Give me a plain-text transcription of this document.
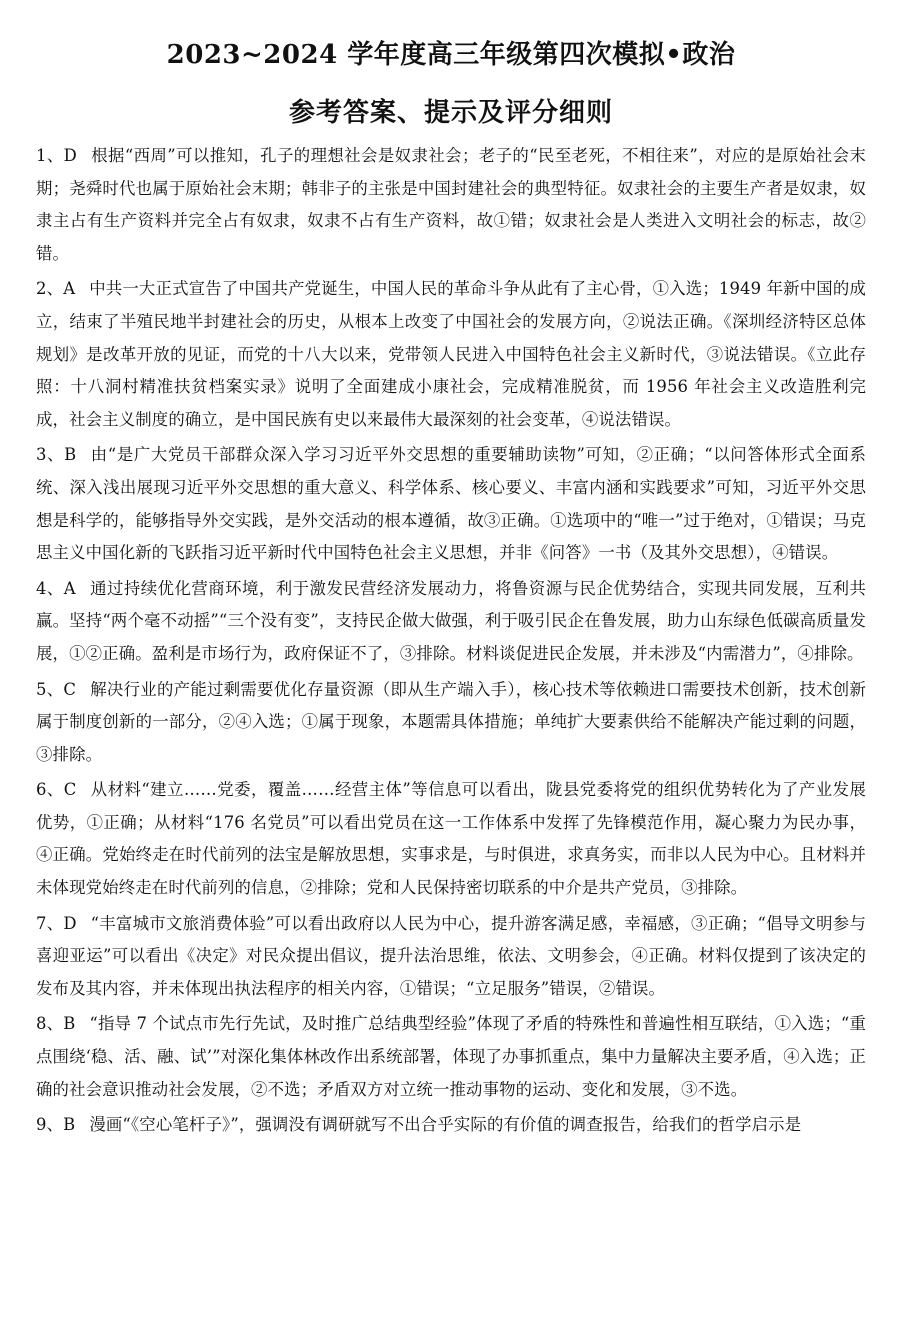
2023~2024 学年度高三年级第四次模拟•政治
参考答案、提示及评分细则

1、D 根据“西周”可以推知，孔子的理想社会是奴隶社会；老子的“民至老死，不相往来”，对应的是原始社会末期；尧舜时代也属于原始社会末期；韩非子的主张是中国封建社会的典型特征。奴隶社会的主要生产者是奴隶，奴隶主占有生产资料并完全占有奴隶，奴隶不占有生产资料，故①错；奴隶社会是人类进入文明社会的标志，故②错。

2、A 中共一大正式宣告了中国共产党诞生，中国人民的革命斗争从此有了主心骨，①入选；1949 年新中国的成立，结束了半殖民地半封建社会的历史，从根本上改变了中国社会的发展方向，②说法正确。《深圳经济特区总体规划》是改革开放的见证，而党的十八大以来，党带领人民进入中国特色社会主义新时代，③说法错误。《立此存照：十八洞村精准扶贫档案实录》说明了全面建成小康社会，完成精准脱贫，而 1956 年社会主义改造胜利完成，社会主义制度的确立，是中国民族有史以来最伟大最深刻的社会变革，④说法错误。

3、B 由“是广大党员干部群众深入学习习近平外交思想的重要辅助读物”可知，②正确；“以问答体形式全面系统、深入浅出展现习近平外交思想的重大意义、科学体系、核心要义、丰富内涵和实践要求”可知，习近平外交思想是科学的，能够指导外交实践，是外交活动的根本遵循，故③正确。①选项中的“唯一”过于绝对，①错误；马克思主义中国化新的飞跃指习近平新时代中国特色社会主义思想，并非《问答》一书（及其外交思想），④错误。

4、A 通过持续优化营商环境，利于激发民营经济发展动力，将鲁资源与民企优势结合，实现共同发展，互利共赢。坚持“两个毫不动摇”“三个没有变”，支持民企做大做强，利于吸引民企在鲁发展，助力山东绿色低碳高质量发展，①②正确。盈利是市场行为，政府保证不了，③排除。材料谈促进民企发展，并未涉及“内需潜力”，④排除。

5、C 解决行业的产能过剩需要优化存量资源（即从生产端入手），核心技术等依赖进口需要技术创新，技术创新属于制度创新的一部分，②④入选；①属于现象，本题需具体措施；单纯扩大要素供给不能解决产能过剩的问题，③排除。

6、C 从材料“建立……党委，覆盖……经营主体”等信息可以看出，陇县党委将党的组织优势转化为了产业发展优势，①正确；从材料“176 名党员”可以看出党员在这一工作体系中发挥了先锋模范作用，凝心聚力为民办事，④正确。党始终走在时代前列的法宝是解放思想，实事求是，与时俱进，求真务实，而非以人民为中心。且材料并未体现党始终走在时代前列的信息，②排除；党和人民保持密切联系的中介是共产党员，③排除。

7、D “丰富城市文旅消费体验”可以看出政府以人民为中心，提升游客满足感，幸福感，③正确；“倡导文明参与喜迎亚运”可以看出《决定》对民众提出倡议，提升法治思维，依法、文明参会，④正确。材料仅提到了该决定的发布及其内容，并未体现出执法程序的相关内容，①错误；“立足服务”错误，②错误。

8、B “指导 7 个试点市先行先试，及时推广总结典型经验”体现了矛盾的特殊性和普遍性相互联结，①入选；“重点围绕‘稳、活、融、试’”对深化集体林改作出系统部署，体现了办事抓重点，集中力量解决主要矛盾，④入选；正确的社会意识推动社会发展，②不选；矛盾双方对立统一推动事物的运动、变化和发展，③不选。

9、B 漫画“《空心笔杆子》”，强调没有调研就写不出合乎实际的有价值的调查报告，给我们的哲学启示是
